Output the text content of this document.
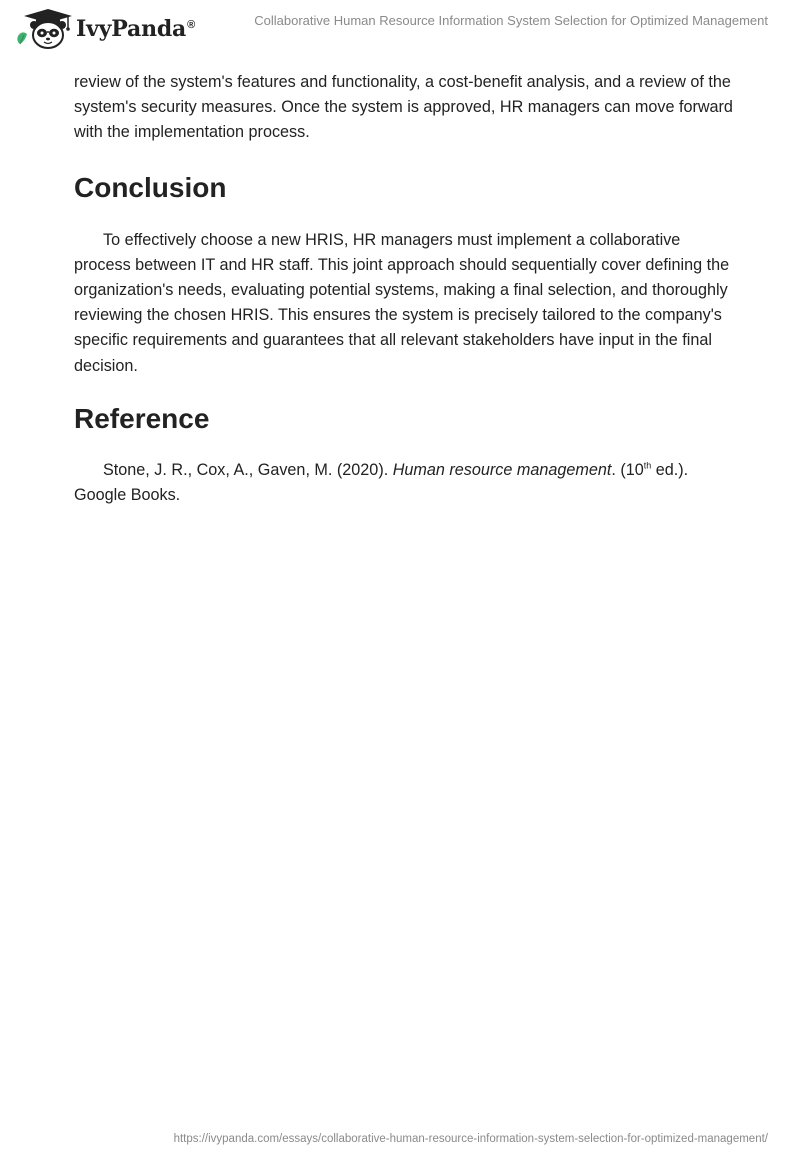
IvyPanda®	Collaborative Human Resource Information System Selection for Optimized Management

review of the system's features and functionality, a cost-benefit analysis, and a review of the system's security measures. Once the system is approved, HR managers can move forward with the implementation process.

Conclusion

To effectively choose a new HRIS, HR managers must implement a collaborative process between IT and HR staff. This joint approach should sequentially cover defining the organization's needs, evaluating potential systems, making a final selection, and thoroughly reviewing the chosen HRIS. This ensures the system is precisely tailored to the company's specific requirements and guarantees that all relevant stakeholders have input in the final decision.

Reference

Stone, J. R., Cox, A., Gaven, M. (2020). Human resource management. (10th ed.). Google Books.

https://ivypanda.com/essays/collaborative-human-resource-information-system-selection-for-optimized-management/
